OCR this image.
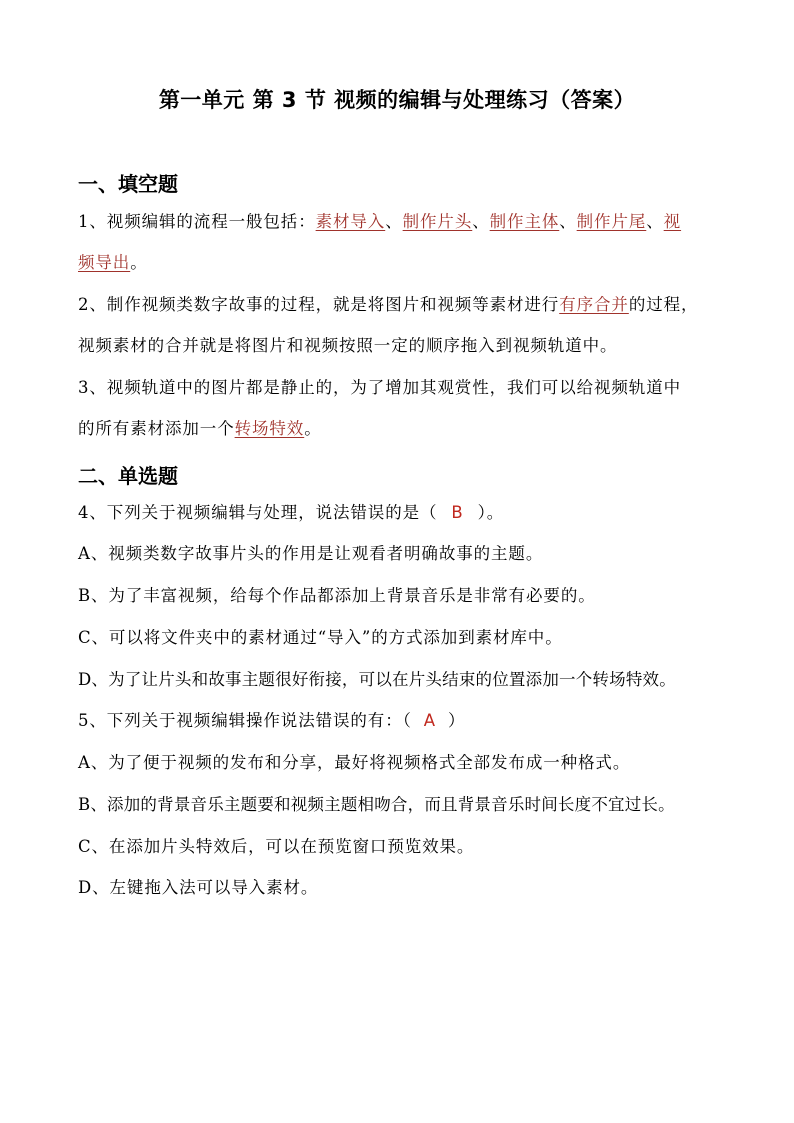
第一单元 第 3 节 视频的编辑与处理练习（答案）
一、填空题
1、视频编辑的流程一般包括：素材导入、制作片头、制作主体、制作片尾、视
频导出。
2、制作视频类数字故事的过程，就是将图片和视频等素材进行有序合并的过程，
视频素材的合并就是将图片和视频按照一定的顺序拖入到视频轨道中。
3、视频轨道中的图片都是静止的，为了增加其观赏性，我们可以给视频轨道中
的所有素材添加一个转场特效。
二、单选题
4、下列关于视频编辑与处理，说法错误的是（ B ）。
A、视频类数字故事片头的作用是让观看者明确故事的主题。
B、为了丰富视频，给每个作品都添加上背景音乐是非常有必要的。
C、可以将文件夹中的素材通过“导入”的方式添加到素材库中。
D、为了让片头和故事主题很好衔接，可以在片头结束的位置添加一个转场特效。
5、下列关于视频编辑操作说法错误的有：（ A ）
A、为了便于视频的发布和分享，最好将视频格式全部发布成一种格式。
B、添加的背景音乐主题要和视频主题相吻合，而且背景音乐时间长度不宜过长。
C、在添加片头特效后，可以在预览窗口预览效果。
D、左键拖入法可以导入素材。
